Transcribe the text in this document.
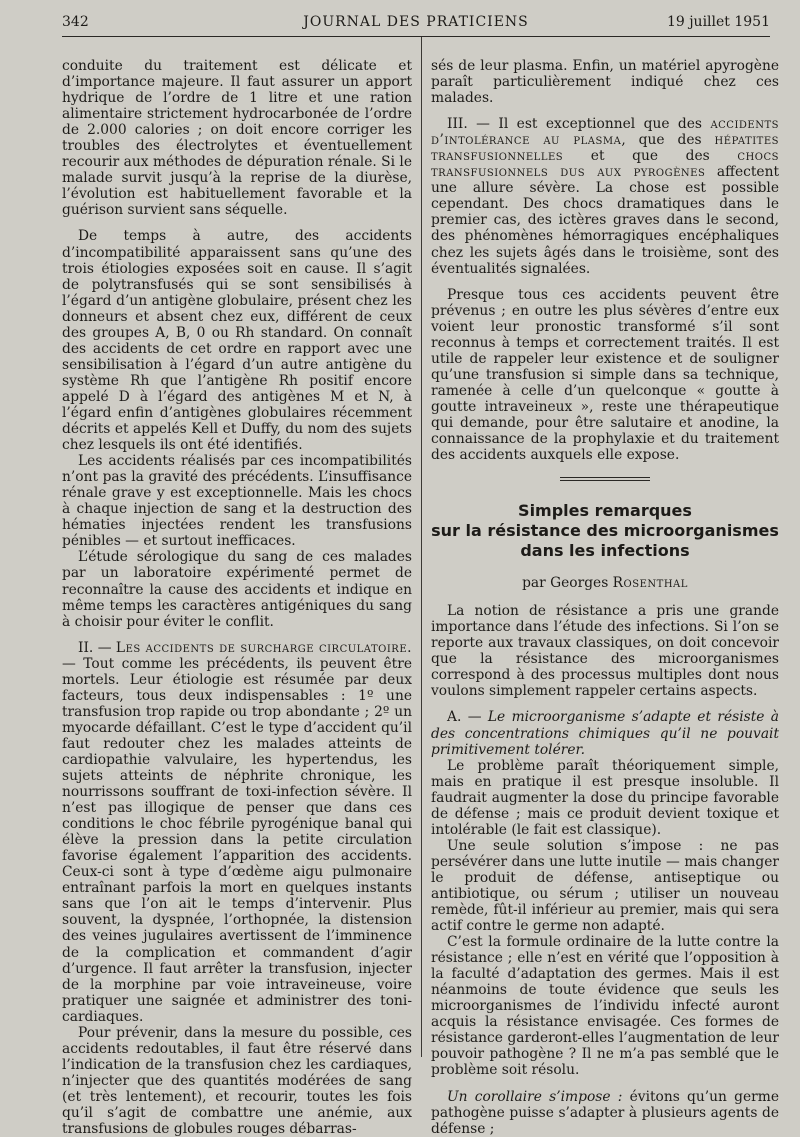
342	JOURNAL DES PRATICIENS	19 juillet 1951

conduite du traitement est délicate et d’importance majeure. Il faut assurer un apport hydrique de l’ordre de 1 litre et une ration alimentaire strictement hydrocarbonée de l’ordre de 2.000 calories ; on doit encore corriger les troubles des électrolytes et éventuellement recourir aux méthodes de dépuration rénale. Si le malade survit jusqu’à la reprise de la diurèse, l’évolution est habituellement favorable et la guérison survient sans séquelle.

De temps à autre, des accidents d’incompatibilité apparaissent sans qu’une des trois étiologies exposées soit en cause. Il s’agit de polytransfusés qui se sont sensibilisés à l’égard d’un antigène globulaire, présent chez les donneurs et absent chez eux, différent de ceux des groupes A, B, 0 ou Rh standard. On connaît des accidents de cet ordre en rapport avec une sensibilisation à l’égard d’un autre antigène du système Rh que l’antigène Rh positif encore appelé D à l’égard des antigènes M et N, à l’égard enfin d’antigènes globulaires récemment décrits et appelés Kell et Duffy, du nom des sujets chez lesquels ils ont été identifiés.

Les accidents réalisés par ces incompatibilités n’ont pas la gravité des précédents. L’insuffisance rénale grave y est exceptionnelle. Mais les chocs à chaque injection de sang et la destruction des hématies injectées rendent les transfusions pénibles — et surtout inefficaces.

L’étude sérologique du sang de ces malades par un laboratoire expérimenté permet de reconnaître la cause des accidents et indique en même temps les caractères antigéniques du sang à choisir pour éviter le conflit.

II. — Les accidents de surcharge circulatoire. — Tout comme les précédents, ils peuvent être mortels. Leur étiologie est résumée par deux facteurs, tous deux indispensables : 1º une transfusion trop rapide ou trop abondante ; 2º un myocarde défaillant. C’est le type d’accident qu’il faut redouter chez les malades atteints de cardiopathie valvulaire, les hypertendus, les sujets atteints de néphrite chronique, les nourrissons souffrant de toxi-infection sévère. Il n’est pas illogique de penser que dans ces conditions le choc fébrile pyrogénique banal qui élève la pression dans la petite circulation favorise également l’apparition des accidents. Ceux-ci sont à type d’œdème aigu pulmonaire entraînant parfois la mort en quelques instants sans que l’on ait le temps d’intervenir. Plus souvent, la dyspnée, l’orthopnée, la distension des veines jugulaires avertissent de l’imminence de la complication et commandent d’agir d’urgence. Il faut arrêter la transfusion, injecter de la morphine par voie intraveineuse, voire pratiquer une saignée et administrer des toni-cardiaques.

Pour prévenir, dans la mesure du possible, ces accidents redoutables, il faut être réservé dans l’indication de la transfusion chez les cardiaques, n’injecter que des quantités modérées de sang (et très lentement), et recourir, toutes les fois qu’il s’agit de combattre une anémie, aux transfusions de globules rouges débarras-

sés de leur plasma. Enfin, un matériel apyrogène paraît particulièrement indiqué chez ces malades.

III. — Il est exceptionnel que des accidents d’intolérance au plasma, que des hépatites transfusionnelles et que des chocs transfusionnels dus aux pyrogènes affectent une allure sévère. La chose est possible cependant. Des chocs dramatiques dans le premier cas, des ictères graves dans le second, des phénomènes hémorragiques encéphaliques chez les sujets âgés dans le troisième, sont des éventualités signalées.

Presque tous ces accidents peuvent être prévenus ; en outre les plus sévères d’entre eux voient leur pronostic transformé s’il sont reconnus à temps et correctement traités. Il est utile de rappeler leur existence et de souligner qu’une transfusion si simple dans sa technique, ramenée à celle d’un quelconque « goutte à goutte intraveineux », reste une thérapeutique qui demande, pour être salutaire et anodine, la connaissance de la prophylaxie et du traitement des accidents auxquels elle expose.

Simples remarques
sur la résistance des microorganismes
dans les infections
par Georges Rosenthal

La notion de résistance a pris une grande importance dans l’étude des infections. Si l’on se reporte aux travaux classiques, on doit concevoir que la résistance des microorganismes correspond à des processus multiples dont nous voulons simplement rappeler certains aspects.

A. — Le microorganisme s’adapte et résiste à des concentrations chimiques qu’il ne pouvait primitivement tolérer.

Le problème paraît théoriquement simple, mais en pratique il est presque insoluble. Il faudrait augmenter la dose du principe favorable de défense ; mais ce produit devient toxique et intolérable (le fait est classique).

Une seule solution s’impose : ne pas persévérer dans une lutte inutile — mais changer le produit de défense, antiseptique ou antibiotique, ou sérum ; utiliser un nouveau remède, fût-il inférieur au premier, mais qui sera actif contre le germe non adapté.

C’est la formule ordinaire de la lutte contre la résistance ; elle n’est en vérité que l’opposition à la faculté d’adaptation des germes. Mais il est néanmoins de toute évidence que seuls les microorganismes de l’individu infecté auront acquis la résistance envisagée. Ces formes de résistance garderont-elles l’augmentation de leur pouvoir pathogène ? Il ne m’a pas semblé que le problème soit résolu.

Un corollaire s’impose : évitons qu’un germe pathogène puisse s’adapter à plusieurs agents de défense ;
